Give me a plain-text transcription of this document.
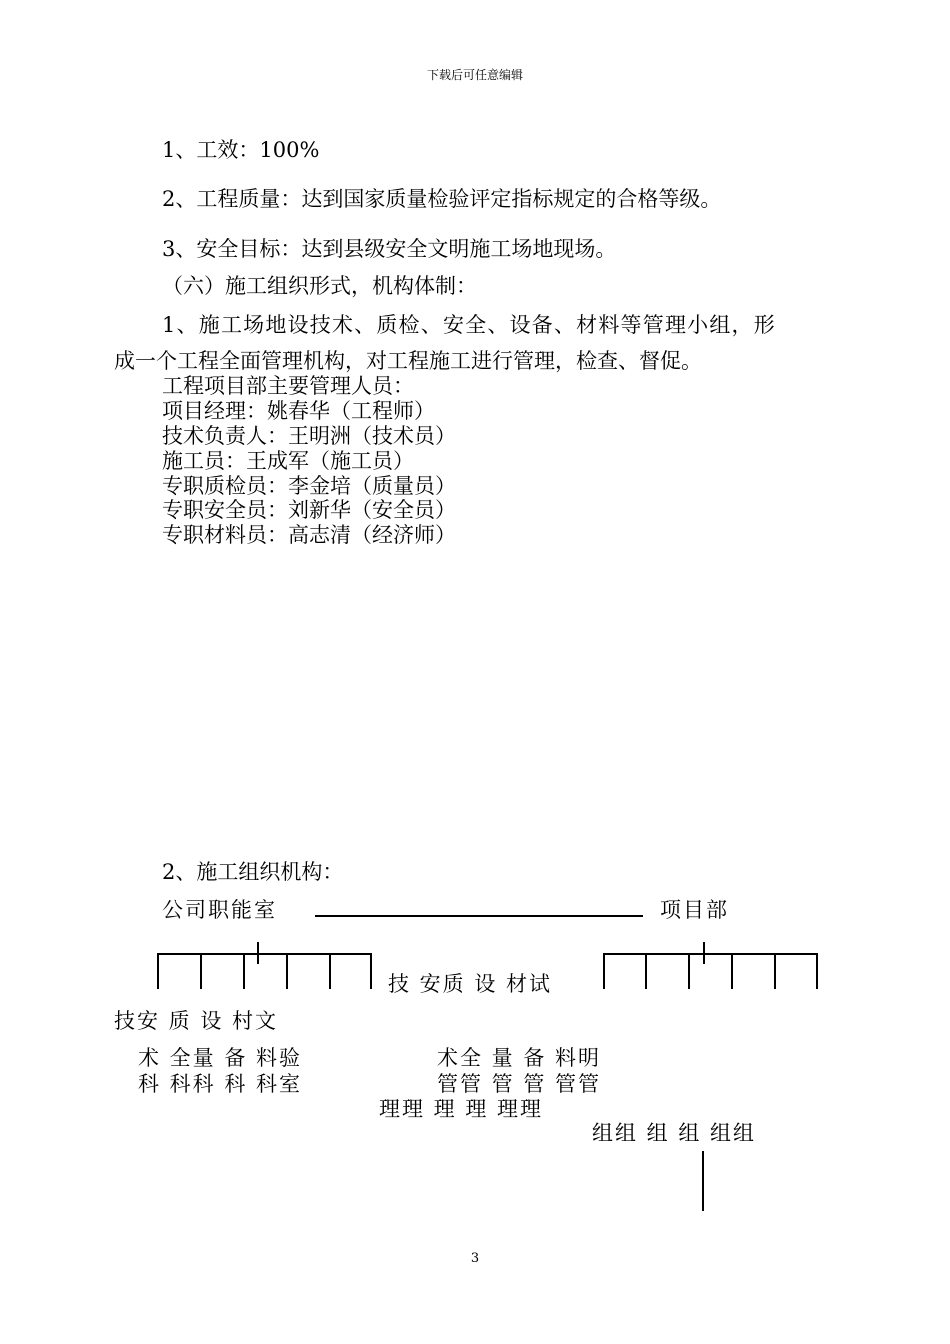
下载后可任意编辑
1、工效：100%
2、工程质量：达到国家质量检验评定指标规定的合格等级。
3、安全目标：达到县级安全文明施工场地现场。
（六）施工组织形式，机构体制：
1、施工场地设技术、质检、安全、设备、材料等管理小组，形
成一个工程全面管理机构，对工程施工进行管理，检查、督促。
工程项目部主要管理人员：
项目经理：姚春华（工程师）
技术负责人：王明洲（技术员）
施工员：王成军（施工员）
专职质检员：李金培（质量员）
专职安全员：刘新华（安全员）
专职材料员：高志清（经济师）
2、施工组织机构：
公司职能室	项目部
技 安质 设 材试
技安 质 设 村文
术 全量 备 料验
科 科科 科 科室
术全 量 备 料明
管管 管 管 管管
理理 理 理 理理
组组 组 组 组组
3
